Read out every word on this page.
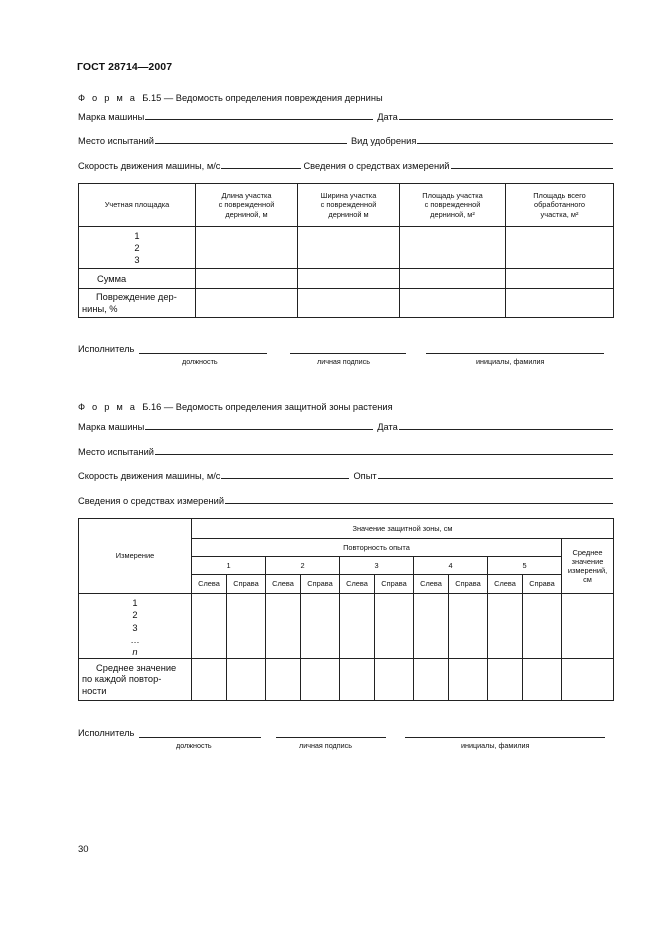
ГОСТ 28714—2007
Ф о р м а Б.15 — Ведомость определения повреждения дернины
Марка машины	Дата
Место испытаний	Вид удобрения
Скорость движения машины, м/с	Сведения о средствах измерений
Учетная площадка	Длина участка
с поврежденной
дерниной, м	Ширина участка
с поврежденной
дерниной м	Площадь участка
с поврежденной
дерниной, м²	Площадь всего
обработанного
участка, м²

1
2
3				

Сумма				

Повреждение дер-
нины, %				

Исполнитель
должность	личная подпись	инициалы, фамилия
Ф о р м а Б.16 — Ведомость определения защитной зоны растения
Марка машины	Дата
Место испытаний
Скорость движения машины, м/с	Опыт
Сведения о средствах измерений
Измерение	Значение защитной зоны, см										
	Повторность опыта										Среднее
значение
измерений,
см

	1		2		3		4		5		
	Слева	Справа	Слева	Справа	Слева	Справа	Слева	Справа	Слева	Справа	

1
2
3
…
n											

Среднее значение
по каждой повтор-
ности											

Исполнитель
должность	личная подпись	инициалы, фамилия
30
